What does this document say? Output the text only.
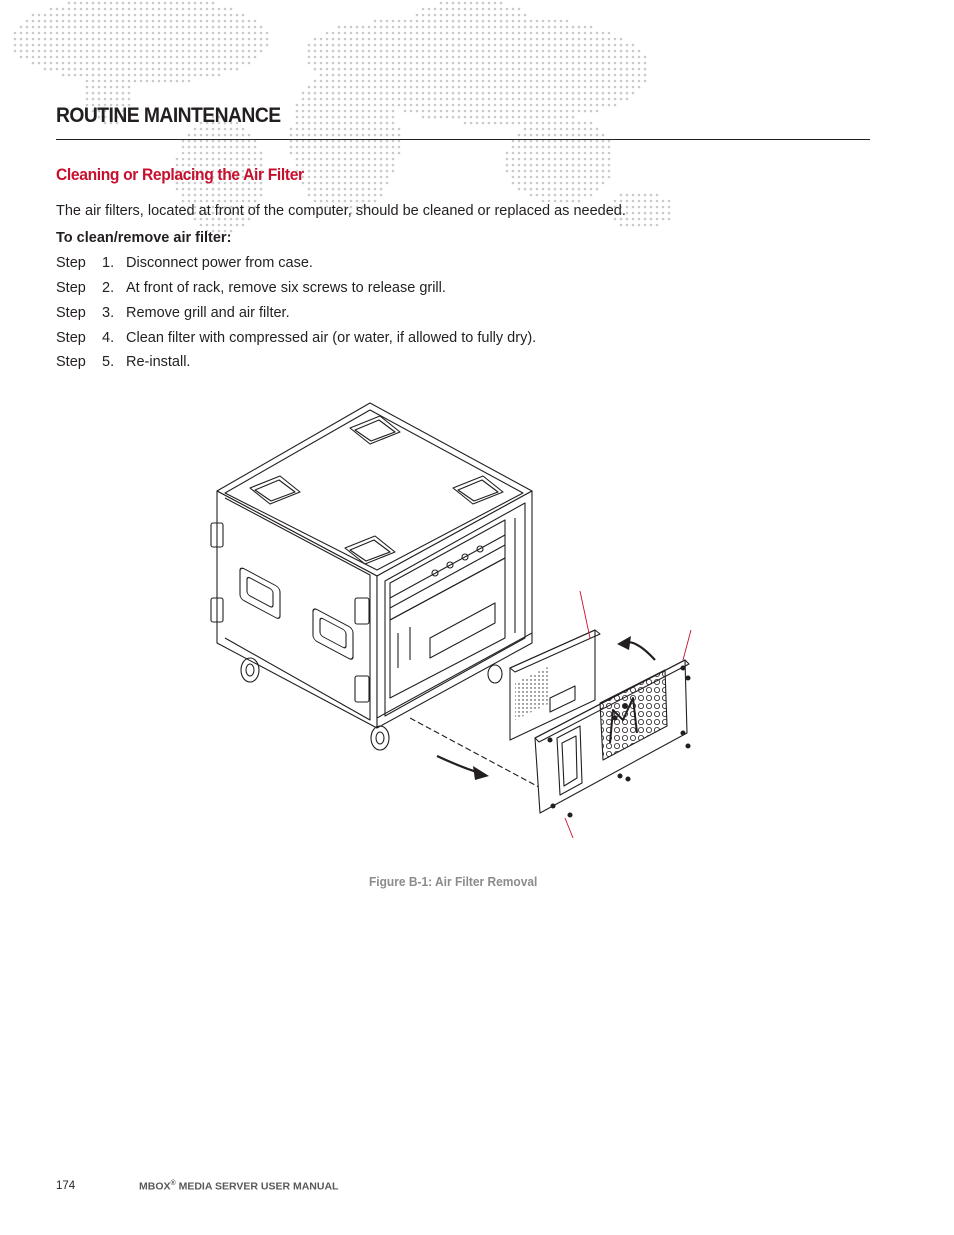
ROUTINE MAINTENANCE
Cleaning or Replacing the Air Filter

The air filters, located at front of the computer, should be cleaned or replaced as needed.

To clean/remove air filter:

Step 1. Disconnect power from case.
Step 2. At front of rack, remove six screws to release grill.
Step 3. Remove grill and air filter.
Step 4. Clean filter with compressed air (or water, if allowed to fully dry).
Step 5. Re-install.

Figure B-1: Air Filter Removal

174	MBOX® MEDIA SERVER USER MANUAL
